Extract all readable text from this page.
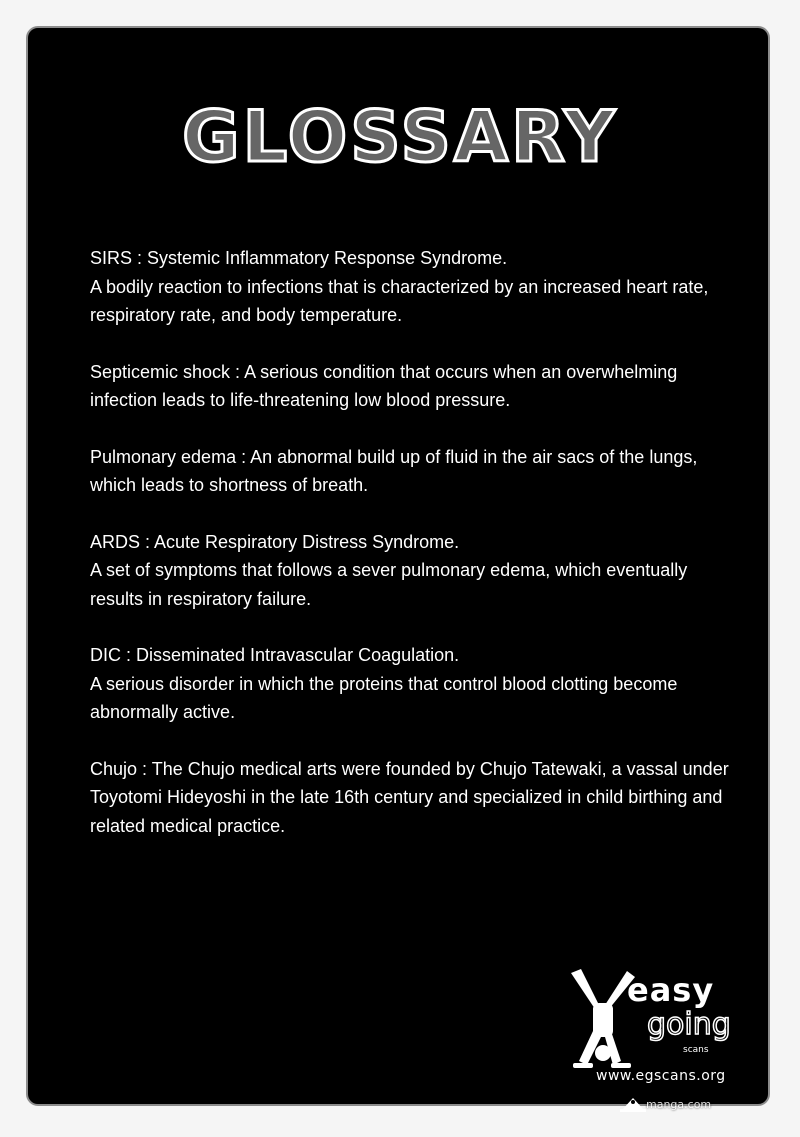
GLOSSARY

SIRS : Systemic Inflammatory Response Syndrome.

A bodily reaction to infections that is characterized by an increased heart rate, respiratory rate, and body temperature.

Septicemic shock : A serious condition that occurs when an overwhelming infection leads to life-threatening low blood pressure.

Pulmonary edema : An abnormal build up of fluid in the air sacs of the lungs, which leads to shortness of breath.

ARDS : Acute Respiratory Distress Syndrome.

A set of symptoms that follows a sever pulmonary edema, which eventually results in respiratory failure.

DIC : Disseminated Intravascular Coagulation.

A serious disorder in which the proteins that control blood clotting become abnormally active.

Chujo : The Chujo medical arts were founded by Chujo Tatewaki, a vassal under Toyotomi Hideyoshi in the late 16th century and specialized in child birthing and related medical practice.

easy
going
scans
www.egscans.org
manga.com
